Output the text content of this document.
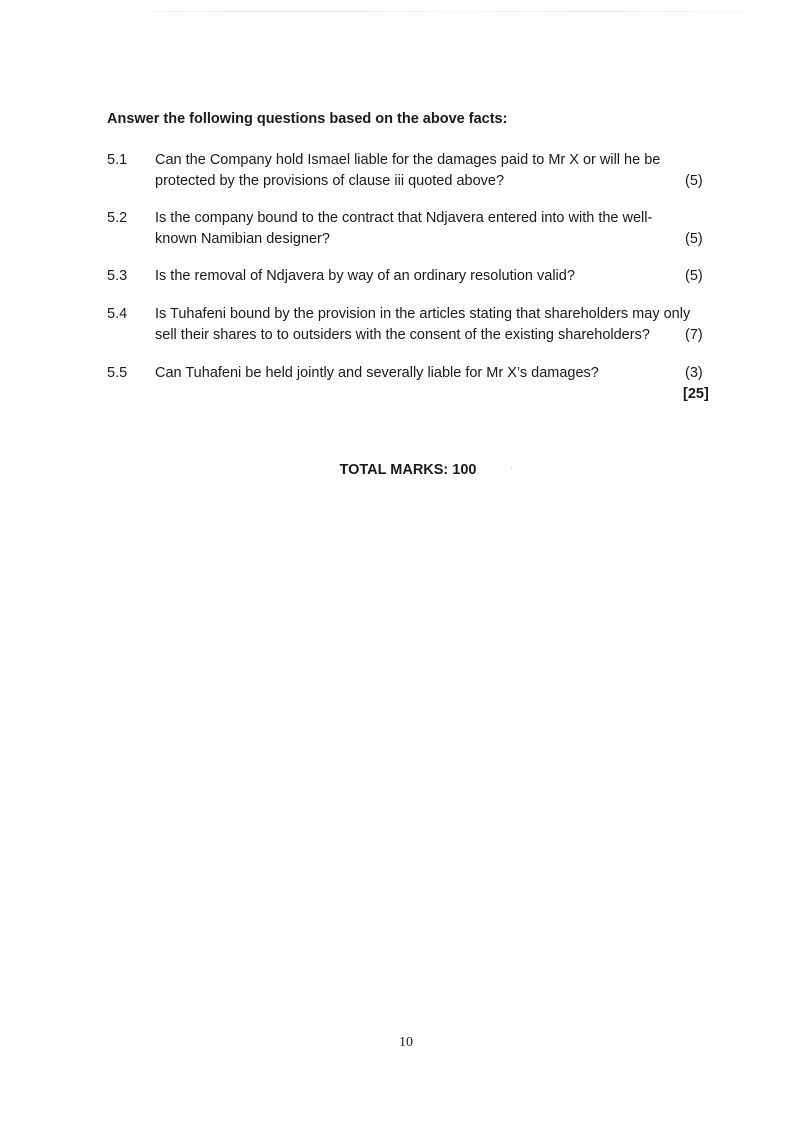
Answer the following questions based on the above facts:
5.1 Can the Company hold Ismael liable for the damages paid to Mr X or will he be
protected by the provisions of clause iii quoted above?	(5)
5.2 Is the company bound to the contract that Ndjavera entered into with the well-
known Namibian designer?	(5)
5.3 Is the removal of Ndjavera by way of an ordinary resolution valid?	(5)
5.4 Is Tuhafeni bound by the provision in the articles stating that shareholders may only
sell their shares to to outsiders with the consent of the existing shareholders?	(7)
5.5 Can Tuhafeni be held jointly and severally liable for Mr X’s damages?	(3)
[25]
TOTAL MARKS: 100
10
